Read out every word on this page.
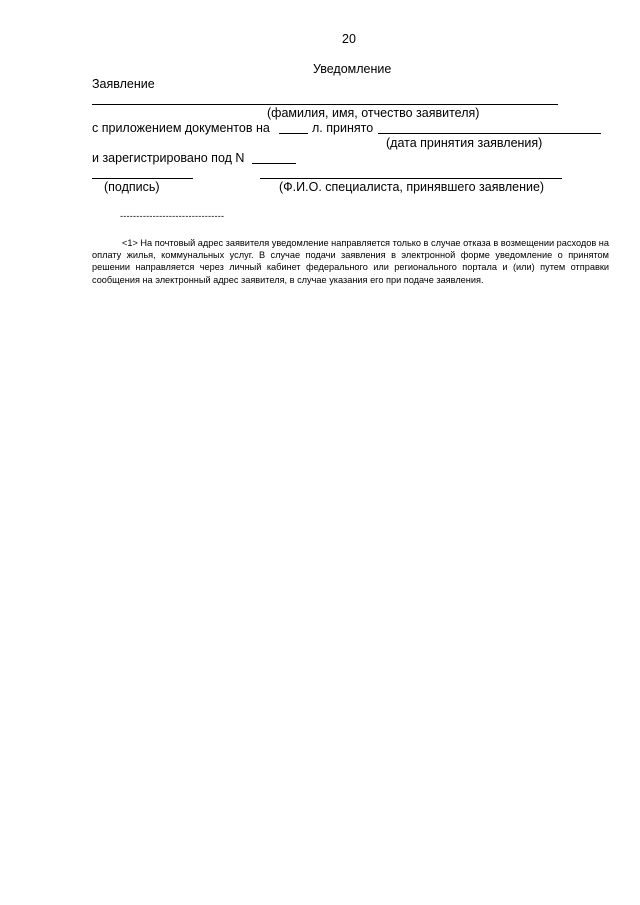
20
Уведомление
Заявление
(фамилия, имя, отчество заявителя)
с приложением документов на	л. принято
(дата принятия заявления)
и зарегистрировано под N
(подпись)	(Ф.И.О. специалиста, принявшего заявление)
--------------------------------
<1> На почтовый адрес заявителя уведомление направляется только в случае отказа в возмещении расходов на оплату жилья, коммунальных услуг. В случае подачи заявления в электронной форме уведомление о принятом решении направляется через личный кабинет федерального или регионального портала и (или) путем отправки сообщения на электронный адрес заявителя, в случае указания его при подаче заявления.
